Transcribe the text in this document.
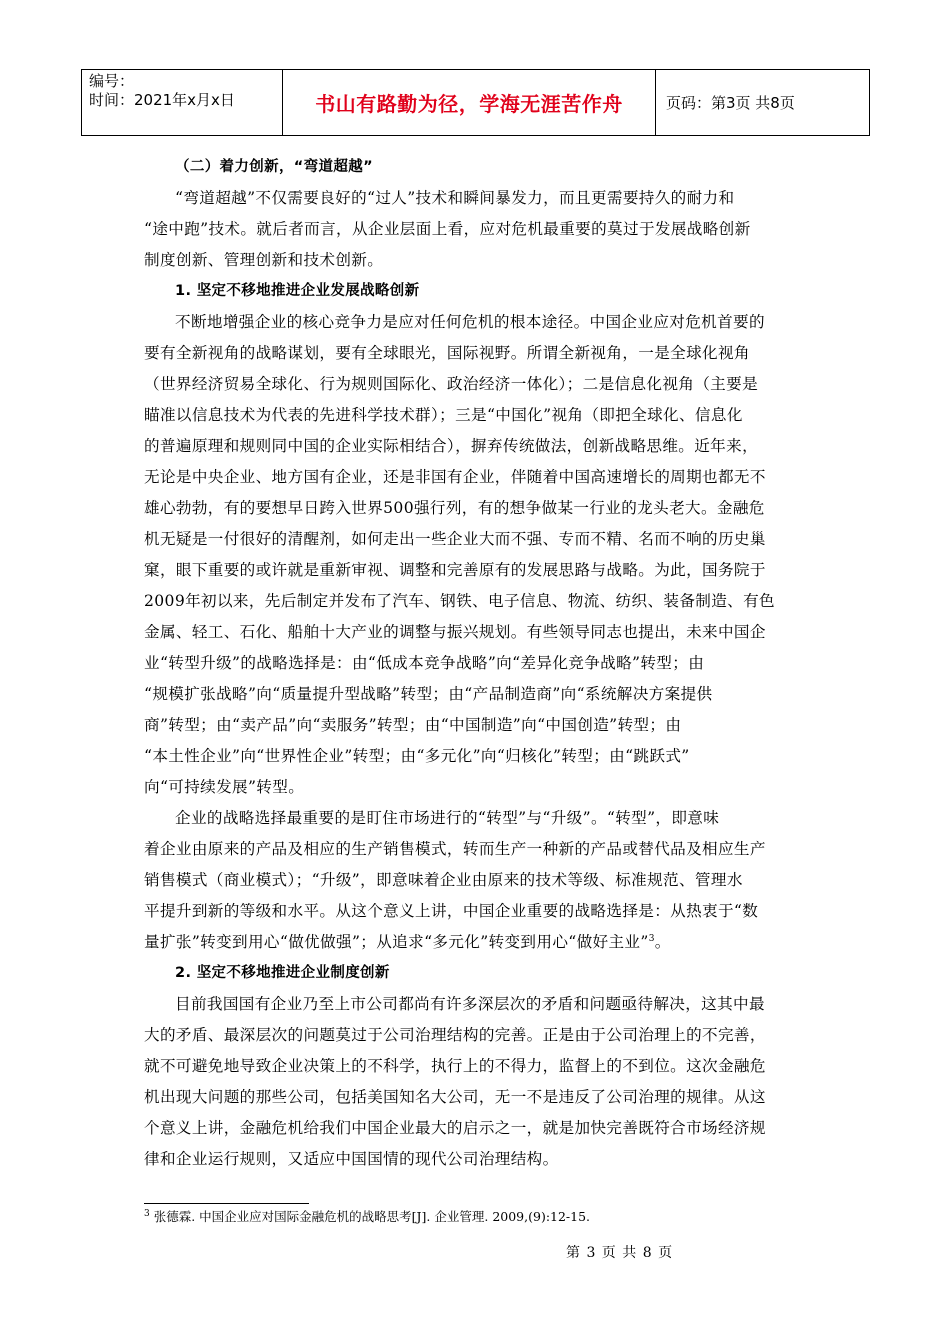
编号：
时间：2021年x月x日	书山有路勤为径，学海无涯苦作舟	页码：第3页 共8页
（二）着力创新，“弯道超越”
“弯道超越”不仅需要良好的“过人”技术和瞬间暴发力，而且更需要持久的耐力和
“途中跑”技术。就后者而言，从企业层面上看，应对危机最重要的莫过于发展战略创新
制度创新、管理创新和技术创新。
1. 坚定不移地推进企业发展战略创新
不断地增强企业的核心竞争力是应对任何危机的根本途径。中国企业应对危机首要的
要有全新视角的战略谋划，要有全球眼光，国际视野。所谓全新视角，一是全球化视角
（世界经济贸易全球化、行为规则国际化、政治经济一体化）；二是信息化视角（主要是
瞄准以信息技术为代表的先进科学技术群）；三是“中国化”视角（即把全球化、信息化
的普遍原理和规则同中国的企业实际相结合），摒弃传统做法，创新战略思维。近年来，
无论是中央企业、地方国有企业，还是非国有企业，伴随着中国高速增长的周期也都无不
雄心勃勃，有的要想早日跨入世界500强行列，有的想争做某一行业的龙头老大。金融危
机无疑是一付很好的清醒剂，如何走出一些企业大而不强、专而不精、名而不响的历史巢
窠，眼下重要的或许就是重新审视、调整和完善原有的发展思路与战略。为此，国务院于
2009年初以来，先后制定并发布了汽车、钢铁、电子信息、物流、纺织、装备制造、有色
金属、轻工、石化、船舶十大产业的调整与振兴规划。有些领导同志也提出，未来中国企
业“转型升级”的战略选择是：由“低成本竞争战略”向“差异化竞争战略”转型；由
“规模扩张战略”向“质量提升型战略”转型；由“产品制造商”向“系统解决方案提供
商”转型；由“卖产品”向“卖服务”转型；由“中国制造”向“中国创造”转型；由
“本土性企业”向“世界性企业”转型；由“多元化”向“归核化”转型；由“跳跃式”
向“可持续发展”转型。
企业的战略选择最重要的是盯住市场进行的“转型”与“升级”。“转型”，即意味
着企业由原来的产品及相应的生产销售模式，转而生产一种新的产品或替代品及相应生产
销售模式（商业模式）；“升级”，即意味着企业由原来的技术等级、标准规范、管理水
平提升到新的等级和水平。从这个意义上讲，中国企业重要的战略选择是：从热衷于“数
量扩张”转变到用心“做优做强”；从追求“多元化”转变到用心“做好主业”$^3$。
2. 坚定不移地推进企业制度创新
目前我国国有企业乃至上市公司都尚有许多深层次的矛盾和问题亟待解决，这其中最
大的矛盾、最深层次的问题莫过于公司治理结构的完善。正是由于公司治理上的不完善，
就不可避免地导致企业决策上的不科学，执行上的不得力，监督上的不到位。这次金融危
机出现大问题的那些公司，包括美国知名大公司，无一不是违反了公司治理的规律。从这
个意义上讲，金融危机给我们中国企业最大的启示之一，就是加快完善既符合市场经济规
律和企业运行规则，又适应中国国情的现代公司治理结构。
$^3$ 张德霖. 中国企业应对国际金融危机的战略思考[J]. 企业管理. 2009,(9):12-15.
第 3 页 共 8 页
